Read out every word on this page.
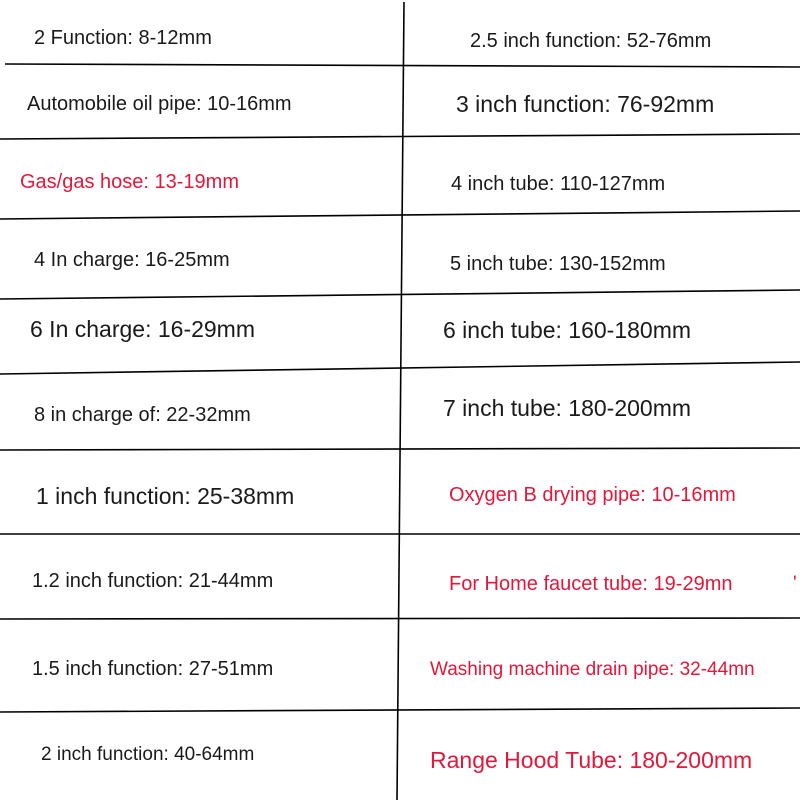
2 Function: 8-12mm
Automobile oil pipe: 10-16mm
Gas/gas hose: 13-19mm
4 In charge: 16-25mm
6 In charge: 16-29mm
8 in charge of: 22-32mm
1 inch function: 25-38mm
1.2 inch function: 21-44mm
1.5 inch function: 27-51mm
2 inch function: 40-64mm
2.5 inch function: 52-76mm
3 inch function: 76-92mm
4 inch tube: 110-127mm
5 inch tube: 130-152mm
6 inch tube: 160-180mm
7 inch tube: 180-200mm
Oxygen B drying pipe: 10-16mm
For Home faucet tube: 19-29mn
Washing machine drain pipe: 32-44mn
Range Hood Tube: 180-200mm
'
